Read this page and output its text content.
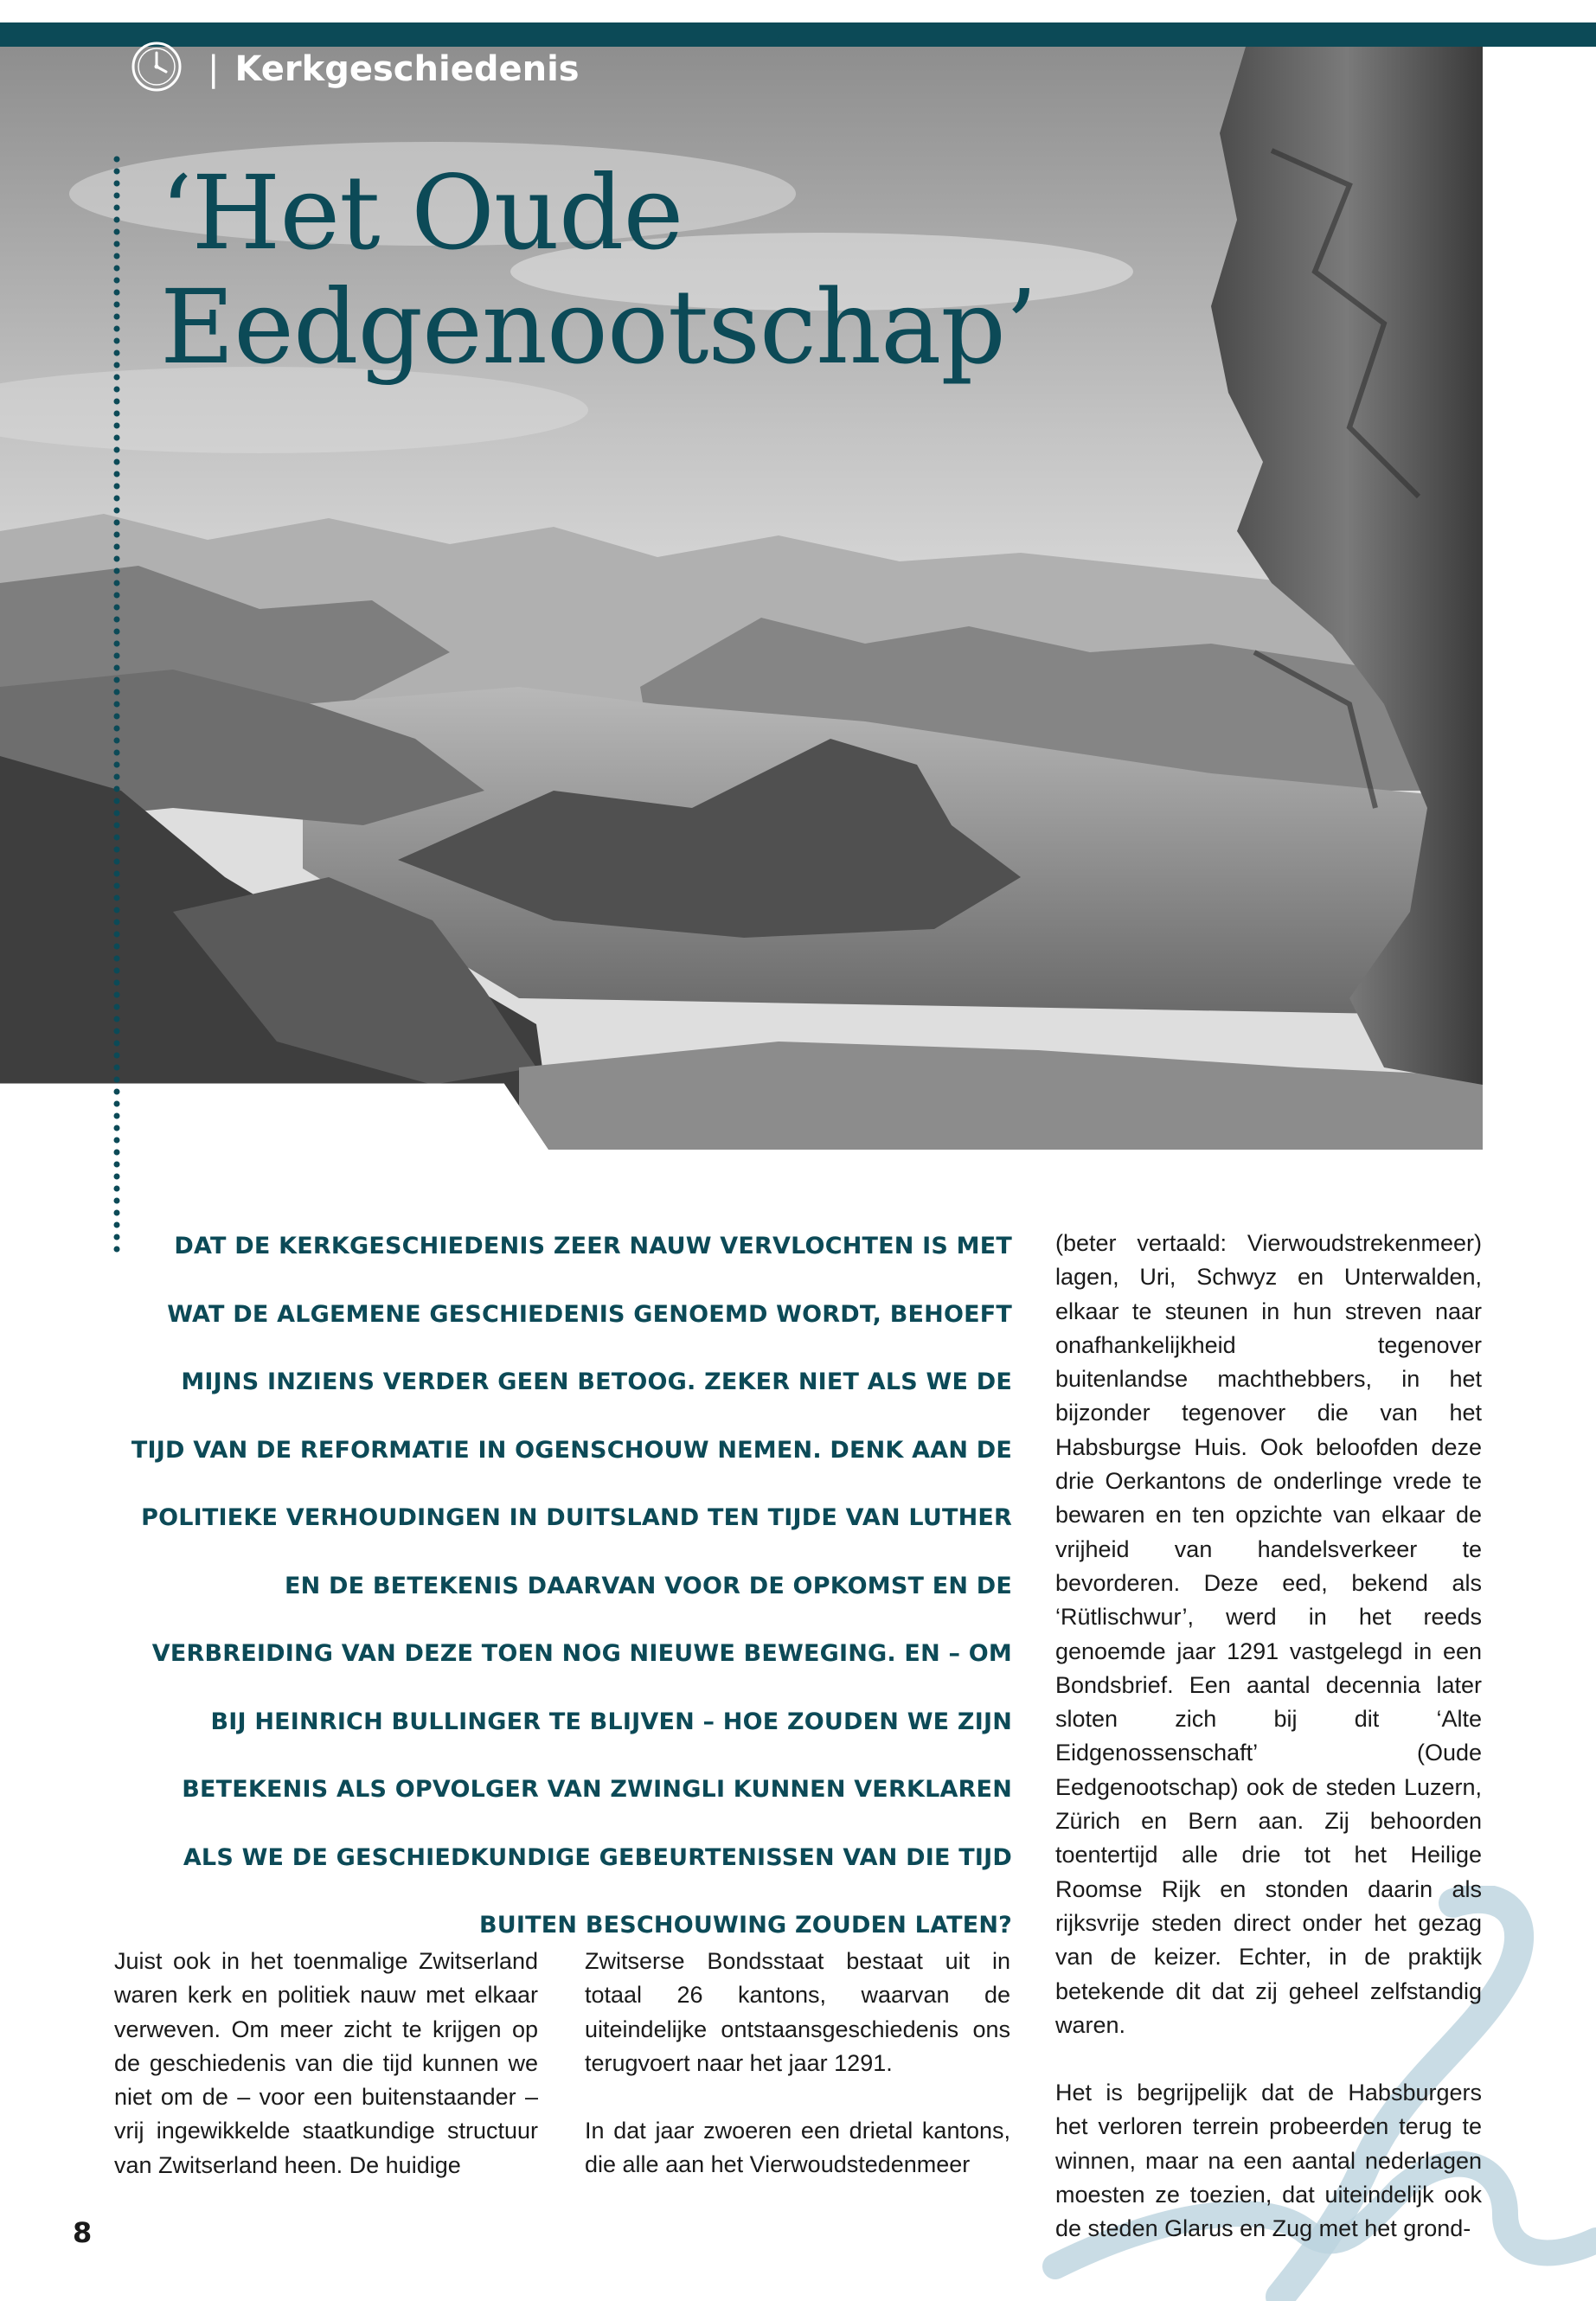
| Kerkgeschiedenis
‘Het Oude
Eedgenootschap’

DAT DE KERKGESCHIEDENIS ZEER NAUW VERVLOCHTEN IS MET WAT DE ALGEMENE GESCHIEDENIS GENOEMD WORDT, BEHOEFT MIJNS INZIENS VERDER GEEN BETOOG. ZEKER NIET ALS WE DE TIJD VAN DE REFORMATIE IN OGENSCHOUW NEMEN. DENK AAN DE POLITIEKE VERHOUDINGEN IN DUITSLAND TEN TIJDE VAN LUTHER EN DE BETEKENIS DAARVAN VOOR DE OPKOMST EN DE VERBREIDING VAN DEZE TOEN NOG NIEUWE BEWEGING. EN – OM BIJ HEINRICH BULLINGER TE BLIJVEN – HOE ZOUDEN WE ZIJN BETEKENIS ALS OPVOLGER VAN ZWINGLI KUNNEN VERKLAREN ALS WE DE GESCHIEDKUNDIGE GEBEURTENISSEN VAN DIE TIJD BUITEN BESCHOUWING ZOUDEN LATEN?

Juist ook in het toenmalige Zwitserland waren kerk en politiek nauw met elkaar verweven. Om meer zicht te krijgen op de geschiedenis van die tijd kunnen we niet om de – voor een buitenstaander – vrij ingewikkelde staatkundige structuur van Zwitserland heen. De huidige

Zwitserse Bondsstaat bestaat uit in totaal 26 kantons, waarvan de uiteindelijke ontstaansgeschiedenis ons terugvoert naar het jaar 1291.

In dat jaar zwoeren een drietal kantons, die alle aan het Vierwoudstedenmeer

(beter vertaald: Vierwoudstrekenmeer) lagen, Uri, Schwyz en Unterwalden, elkaar te steunen in hun streven naar onafhankelijkheid tegenover buitenlandse machthebbers, in het bijzonder tegenover die van het Habsburgse Huis. Ook beloofden deze drie Oerkantons de onderlinge vrede te bewaren en ten opzichte van elkaar de vrijheid van handelsverkeer te bevorderen. Deze eed, bekend als ‘Rütlischwur’, werd in het reeds genoemde jaar 1291 vastgelegd in een Bondsbrief. Een aantal decennia later sloten zich bij dit ‘Alte Eidgenossenschaft’ (Oude Eedgenootschap) ook de steden Luzern, Zürich en Bern aan. Zij behoorden toentertijd alle drie tot het Heilige Roomse Rijk en stonden daarin als rijksvrije steden direct onder het gezag van de keizer. Echter, in de praktijk betekende dit dat zij geheel zelfstandig waren.

Het is begrijpelijk dat de Habsburgers het verloren terrein probeerden terug te winnen, maar na een aantal nederlagen moesten ze toezien, dat uiteindelijk ook de steden Glarus en Zug met het grond-

8
